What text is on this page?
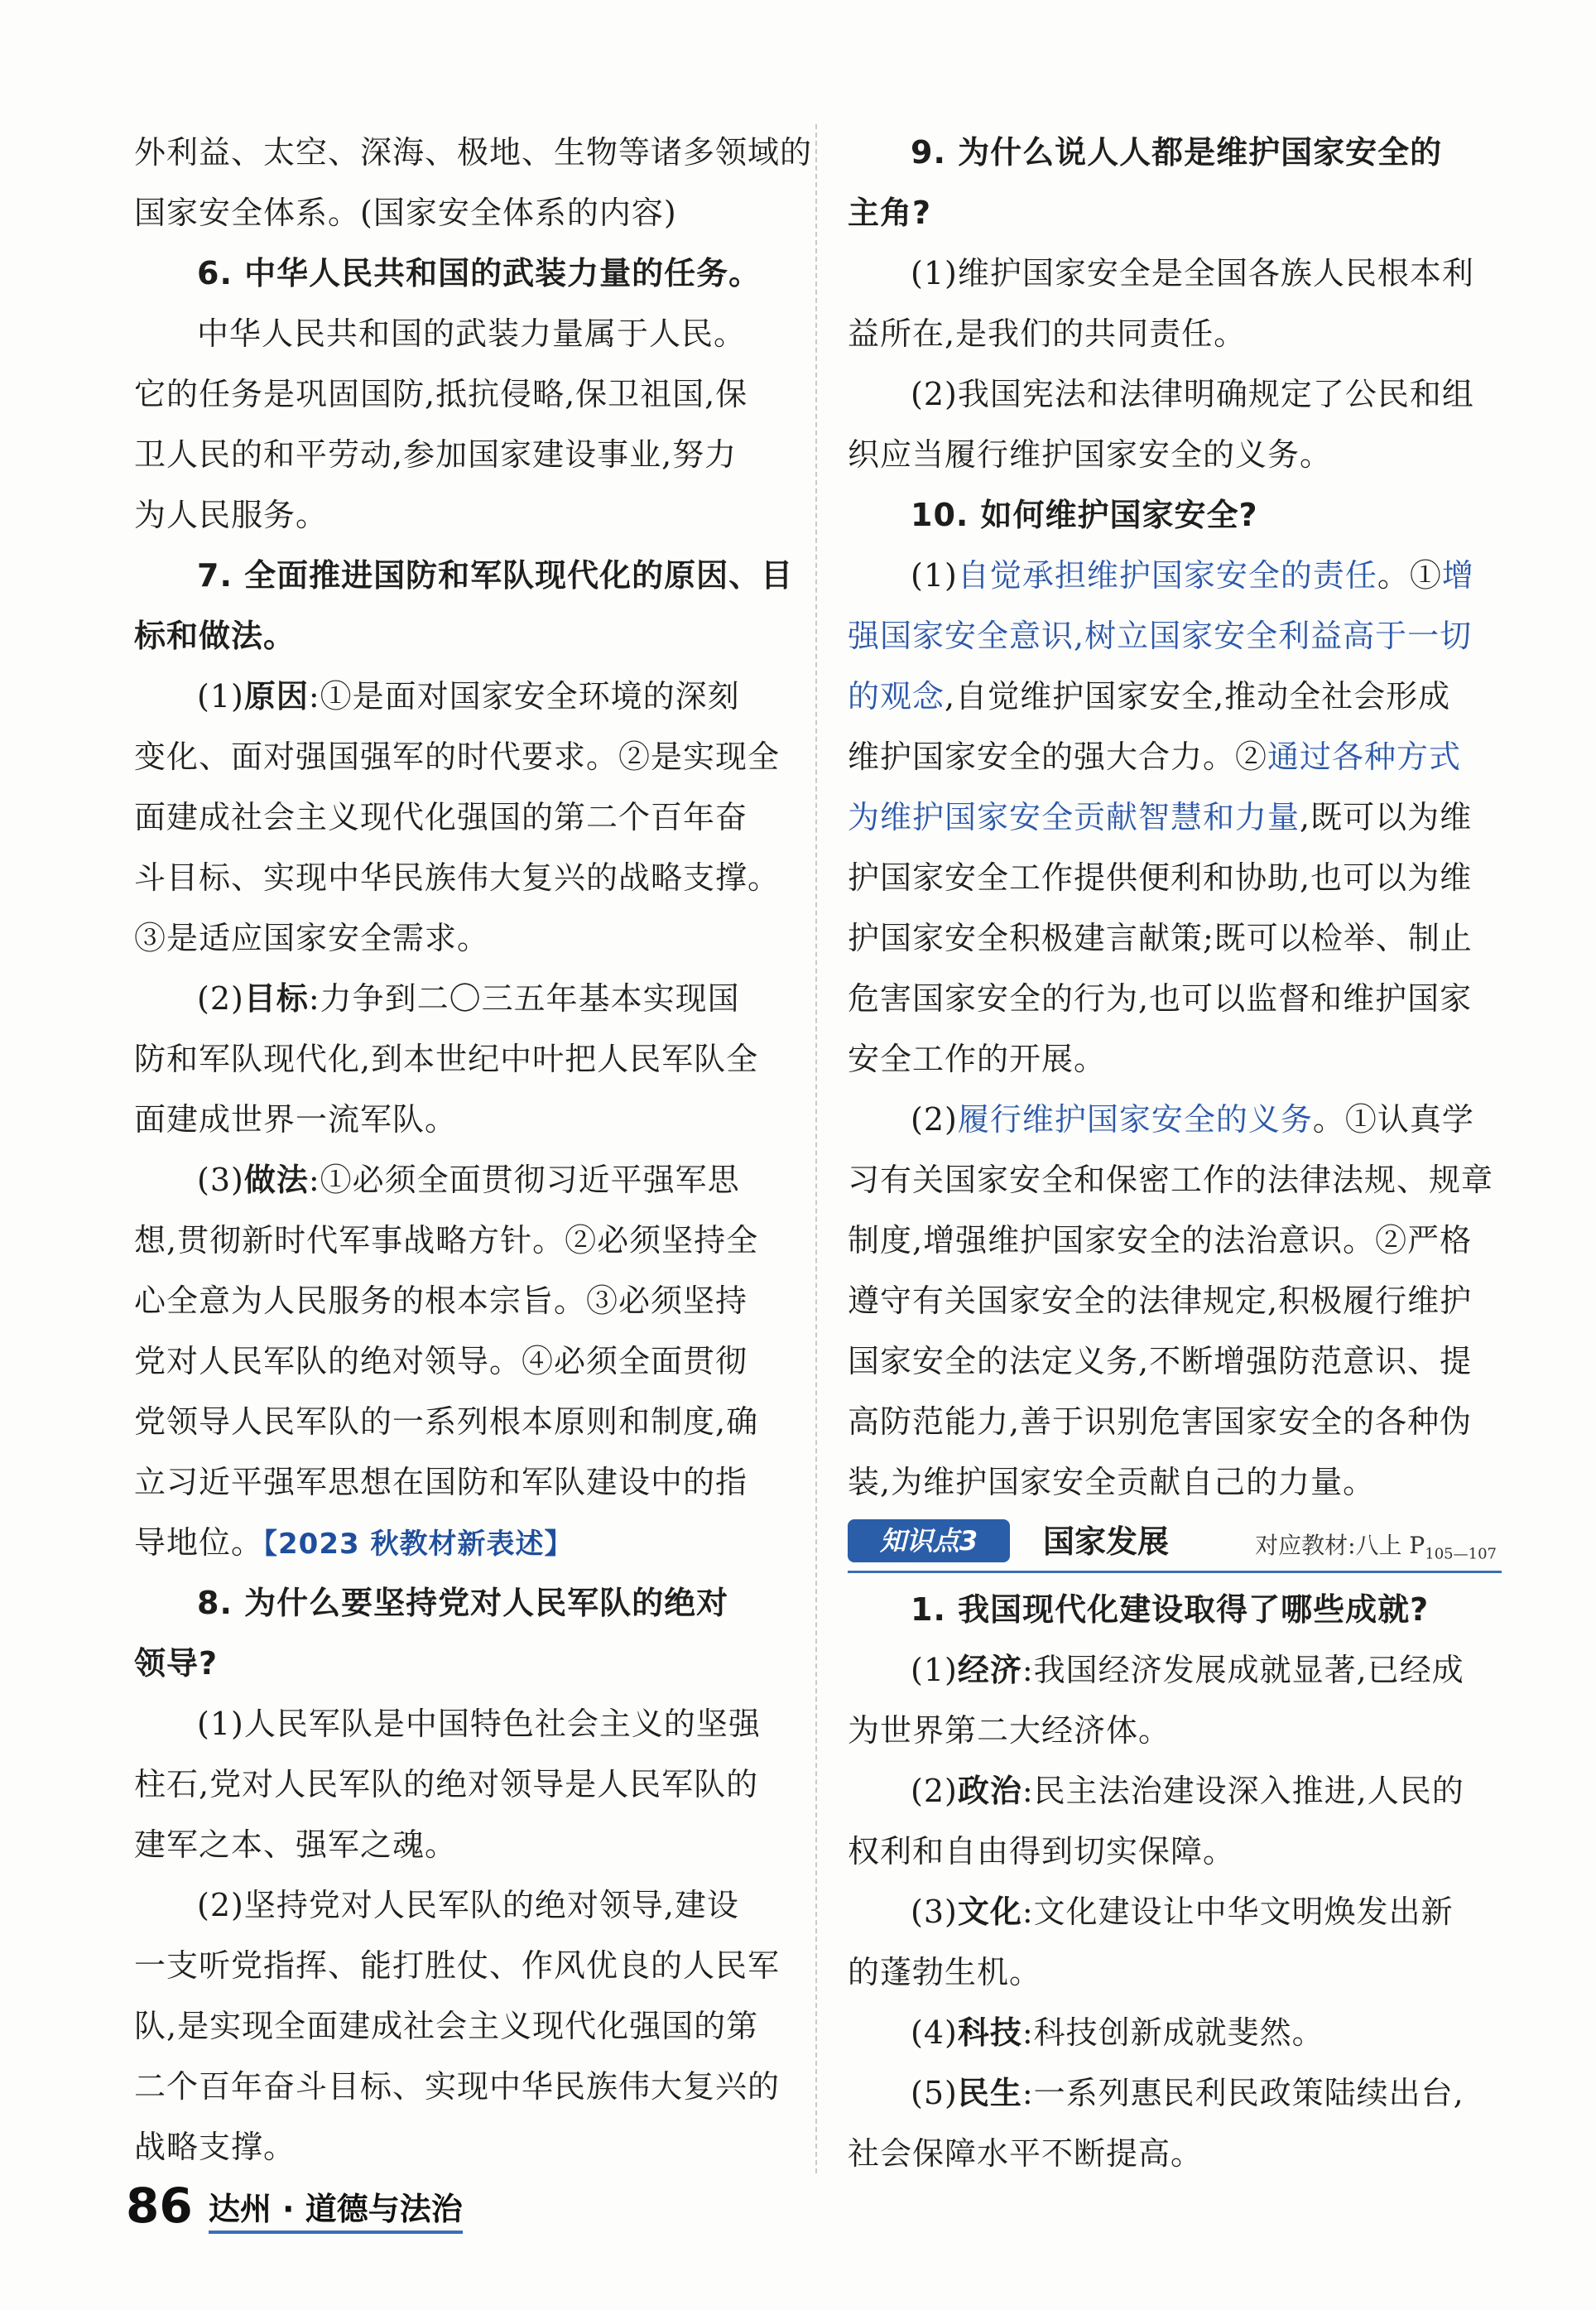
外利益、太空、深海、极地、生物等诸多领域的
国家安全体系。(国家安全体系的内容)
6. 中华人民共和国的武装力量的任务。
中华人民共和国的武装力量属于人民。
它的任务是巩固国防,抵抗侵略,保卫祖国,保
卫人民的和平劳动,参加国家建设事业,努力
为人民服务。
7. 全面推进国防和军队现代化的原因、目
标和做法。
(1)原因:①是面对国家安全环境的深刻
变化、面对强国强军的时代要求。②是实现全
面建成社会主义现代化强国的第二个百年奋
斗目标、实现中华民族伟大复兴的战略支撑。
③是适应国家安全需求。
(2)目标:力争到二〇三五年基本实现国
防和军队现代化,到本世纪中叶把人民军队全
面建成世界一流军队。
(3)做法:①必须全面贯彻习近平强军思
想,贯彻新时代军事战略方针。②必须坚持全
心全意为人民服务的根本宗旨。③必须坚持
党对人民军队的绝对领导。④必须全面贯彻
党领导人民军队的一系列根本原则和制度,确
立习近平强军思想在国防和军队建设中的指
导地位。【2023 秋教材新表述】
8. 为什么要坚持党对人民军队的绝对
领导?
(1)人民军队是中国特色社会主义的坚强
柱石,党对人民军队的绝对领导是人民军队的
建军之本、强军之魂。
(2)坚持党对人民军队的绝对领导,建设
一支听党指挥、能打胜仗、作风优良的人民军
队,是实现全面建成社会主义现代化强国的第
二个百年奋斗目标、实现中华民族伟大复兴的
战略支撑。
9. 为什么说人人都是维护国家安全的
主角?
(1)维护国家安全是全国各族人民根本利
益所在,是我们的共同责任。
(2)我国宪法和法律明确规定了公民和组
织应当履行维护国家安全的义务。
10. 如何维护国家安全?
(1)自觉承担维护国家安全的责任。①增
强国家安全意识,树立国家安全利益高于一切
的观念,自觉维护国家安全,推动全社会形成
维护国家安全的强大合力。②通过各种方式
为维护国家安全贡献智慧和力量,既可以为维
护国家安全工作提供便利和协助,也可以为维
护国家安全积极建言献策;既可以检举、制止
危害国家安全的行为,也可以监督和维护国家
安全工作的开展。
(2)履行维护国家安全的义务。①认真学
习有关国家安全和保密工作的法律法规、规章
制度,增强维护国家安全的法治意识。②严格
遵守有关国家安全的法律规定,积极履行维护
国家安全的法定义务,不断增强防范意识、提
高防范能力,善于识别危害国家安全的各种伪
装,为维护国家安全贡献自己的力量。
知识点3	国家发展	对应教材:八上 $P_{105—107}$
1. 我国现代化建设取得了哪些成就?
(1)经济:我国经济发展成就显著,已经成
为世界第二大经济体。
(2)政治:民主法治建设深入推进,人民的
权利和自由得到切实保障。
(3)文化:文化建设让中华文明焕发出新
的蓬勃生机。
(4)科技:科技创新成就斐然。
(5)民生:一系列惠民利民政策陆续出台,
社会保障水平不断提高。
86 达州 · 道德与法治
